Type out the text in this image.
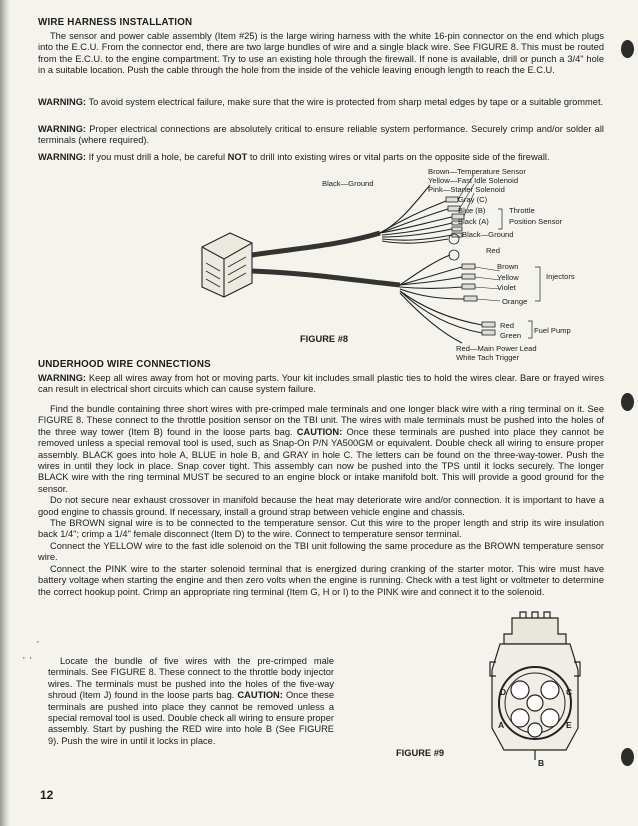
WIRE HARNESS INSTALLATION

The sensor and power cable assembly (Item #25) is the large wiring harness with the white 16-pin connector on the end which plugs into the E.C.U. From the connector end, there are two large bundles of wire and a single black wire. See FIGURE 8. This must be routed from the E.C.U. to the engine compartment. Try to use an existing hole through the firewall. If none is available, drill or punch a 3/4" hole in a suitable location. Push the cable through the hole from the inside of the vehicle leaving enough length to reach the E.C.U.

WARNING: To avoid system electrical failure, make sure that the wire is protected from sharp metal edges by tape or a suitable grommet.

WARNING: Proper electrical connections are absolutely critical to ensure reliable system performance. Securely crimp and/or solder all terminals (where required).

WARNING: If you must drill a hole, be careful NOT to drill into existing wires or vital parts on the opposite side of the firewall.

Black—Ground
Brown—Temperature Sensor
Yellow—Fast Idle Solenoid
Pink—Starter Solenoid
Gray (C)
Blue (B)	Throttle
Black (A)	Position Sensor
Black—Ground
Red
Brown
Yellow
Violet
Orange
Injectors
Red
Green
Fuel Pump
Red—Main Power Lead
White Tach Trigger
FIGURE #8
UNDERHOOD WIRE CONNECTIONS

WARNING: Keep all wires away from hot or moving parts. Your kit includes small plastic ties to hold the wires clear. Bare or frayed wires can result in electrical short circuits which can cause system failure.

Find the bundle containing three short wires with pre-crimped male terminals and one longer black wire with a ring terminal on it. See FIGURE 8. These connect to the throttle position sensor on the TBI unit. The wires with male terminals must be pushed into the holes of the three way tower (Item B) found in the loose parts bag. CAUTION: Once these terminals are pushed into place they cannot be removed unless a special removal tool is used, such as Snap-On P/N YA500GM or equivalent. Double check all wiring to ensure proper assembly. BLACK goes into hole A, BLUE in hole B, and GRAY in hole C. The letters can be found on the three-way-tower. Push the wires in until they lock in place. Snap cover tight. This assembly can now be pushed into the TPS until it locks securely. The longer BLACK wire with the ring terminal MUST be secured to an engine block or intake manifold bolt. This will provide a good ground for the sensor.

Do not secure near exhaust crossover in manifold because the heat may deteriorate wire and/or connection. It is important to have a good engine to chassis ground. If necessary, install a ground strap between vehicle engine and chassis.

The BROWN signal wire is to be connected to the temperature sensor. Cut this wire to the proper length and strip its wire insulation back 1/4"; crimp a 1/4" female disconnect (Item D) to the wire. Connect to temperature sensor terminal.

Connect the YELLOW wire to the fast idle solenoid on the TBI unit following the same procedure as the BROWN temperature sensor wire.

Connect the PINK wire to the starter solenoid terminal that is energized during cranking of the starter motor. This wire must have battery voltage when starting the engine and then zero volts when the engine is running. Check with a test light or voltmeter to determine the correct hookup point. Crimp an appropriate ring terminal (Item G, H or I) to the PINK wire and connect it to the solenoid.

·
· ·	Locate the bundle of five wires with the pre-crimped male terminals. See FIGURE 8. These connect to the throttle body injector wires. The terminals must be pushed into the holes of the five-way shroud (Item J) found in the loose parts bag. CAUTION: Once these terminals are pushed into place they cannot be removed unless a special removal tool is used. Double check all wiring to ensure proper assembly. Start by pushing the RED wire into hole B (See FIGURE 9). Push the wire in until it locks in place.

D	C
A	E
B
FIGURE #9
12
